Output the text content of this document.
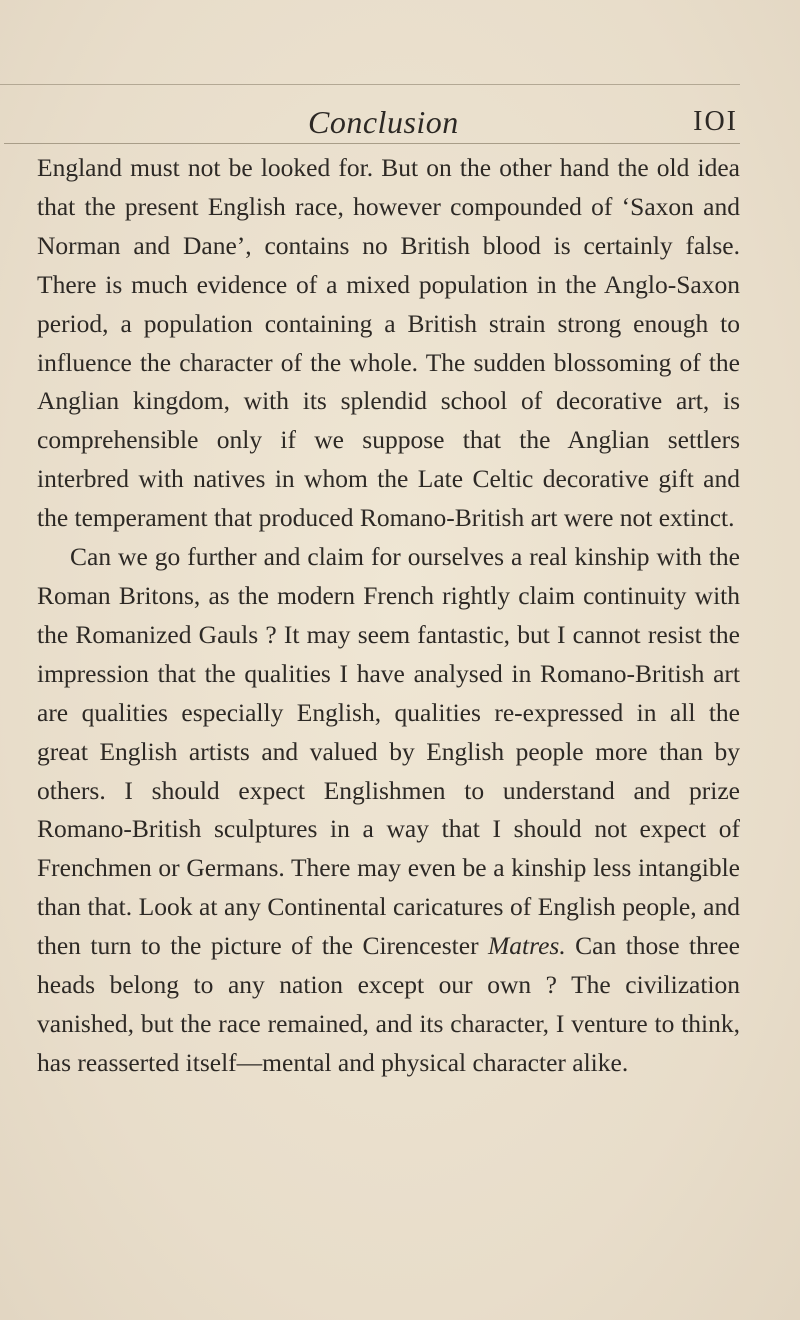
Conclusion	IOI

England must not be looked for. But on the other hand the old idea that the present English race, however compounded of ‘Saxon and Norman and Dane’, contains no British blood is certainly false. There is much evidence of a mixed population in the Anglo-Saxon period, a population containing a British strain strong enough to influence the character of the whole. The sudden blossoming of the Anglian kingdom, with its splendid school of decorative art, is comprehensible only if we suppose that the Anglian settlers interbred with natives in whom the Late Celtic decorative gift and the temperament that produced Romano-British art were not extinct.

Can we go further and claim for ourselves a real kinship with the Roman Britons, as the modern French rightly claim continuity with the Romanized Gauls ? It may seem fantastic, but I cannot resist the impression that the qualities I have analysed in Romano-British art are qualities especially English, qualities re-expressed in all the great English artists and valued by English people more than by others. I should expect Englishmen to understand and prize Romano-British sculptures in a way that I should not expect of Frenchmen or Germans. There may even be a kinship less intangible than that. Look at any Continental caricatures of English people, and then turn to the picture of the Cirencester Matres. Can those three heads belong to any nation except our own ? The civilization vanished, but the race remained, and its character, I venture to think, has reasserted itself—mental and physical character alike.
